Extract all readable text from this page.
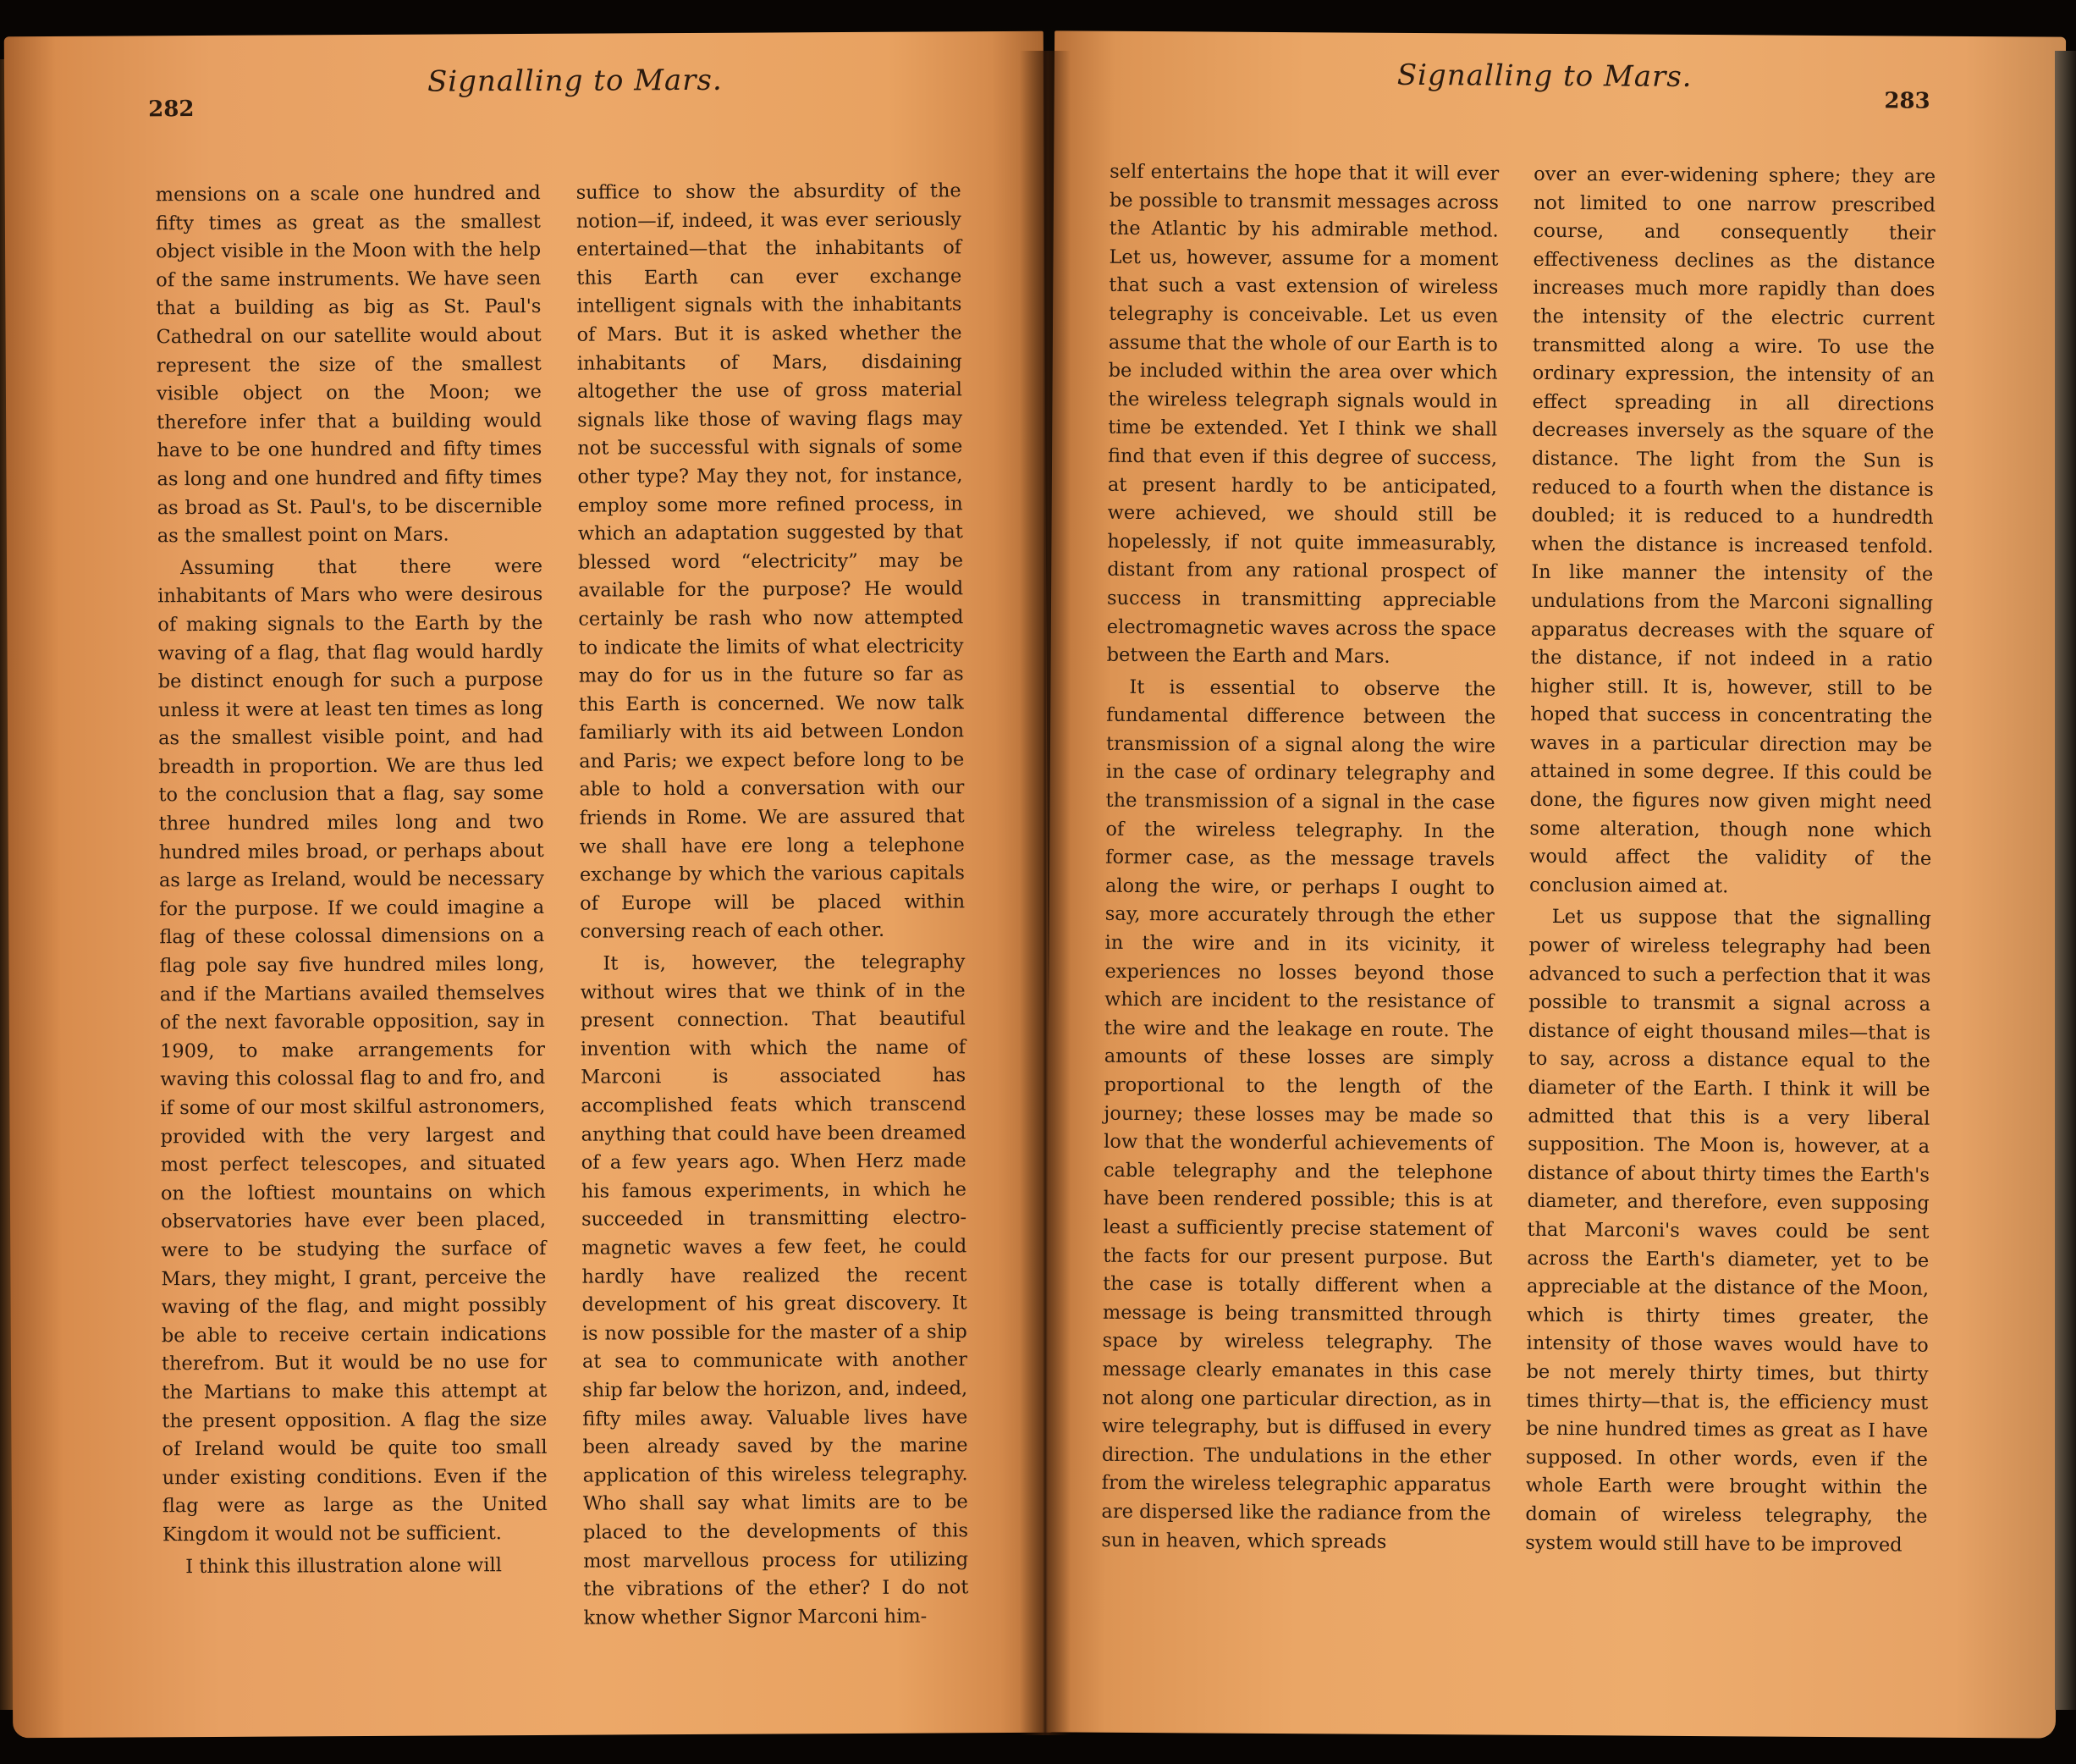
282
Signalling to Mars.

mensions on a scale one hundred and fifty times as great as the smallest object visible in the Moon with the help of the same instruments. We have seen that a building as big as St. Paul's Cathedral on our satellite would about represent the size of the smallest visible object on the Moon; we therefore infer that a building would have to be one hundred and fifty times as long and one hundred and fifty times as broad as St. Paul's, to be discernible as the smallest point on Mars.

Assuming that there were inhabitants of Mars who were desirous of making signals to the Earth by the waving of a flag, that flag would hardly be distinct enough for such a purpose unless it were at least ten times as long as the smallest visible point, and had breadth in proportion. We are thus led to the conclusion that a flag, say some three hundred miles long and two hundred miles broad, or perhaps about as large as Ireland, would be necessary for the purpose. If we could imagine a flag of these colossal dimensions on a flag pole say five hundred miles long, and if the Martians availed themselves of the next favorable opposition, say in 1909, to make arrangements for waving this colossal flag to and fro, and if some of our most skilful astronomers, provided with the very largest and most perfect telescopes, and situated on the loftiest mountains on which observatories have ever been placed, were to be studying the surface of Mars, they might, I grant, perceive the waving of the flag, and might possibly be able to receive certain indications therefrom. But it would be no use for the Martians to make this attempt at the present opposition. A flag the size of Ireland would be quite too small under existing conditions. Even if the flag were as large as the United Kingdom it would not be sufficient.

I think this illustration alone will

suffice to show the absurdity of the notion—if, indeed, it was ever seriously entertained—that the inhabitants of this Earth can ever exchange intelligent signals with the inhabitants of Mars. But it is asked whether the inhabitants of Mars, disdaining altogether the use of gross material signals like those of waving flags may not be successful with signals of some other type? May they not, for instance, employ some more refined process, in which an adaptation suggested by that blessed word “electricity” may be available for the purpose? He would certainly be rash who now attempted to indicate the limits of what electricity may do for us in the future so far as this Earth is concerned. We now talk familiarly with its aid between London and Paris; we expect before long to be able to hold a conversation with our friends in Rome. We are assured that we shall have ere long a telephone exchange by which the various capitals of Europe will be placed within conversing reach of each other.

It is, however, the telegraphy without wires that we think of in the present connection. That beautiful invention with which the name of Marconi is associated has accomplished feats which transcend anything that could have been dreamed of a few years ago. When Herz made his famous experiments, in which he succeeded in transmitting electro-magnetic waves a few feet, he could hardly have realized the recent development of his great discovery. It is now possible for the master of a ship at sea to communicate with another ship far below the horizon, and, indeed, fifty miles away. Valuable lives have been already saved by the marine application of this wireless telegraphy. Who shall say what limits are to be placed to the developments of this most marvellous process for utilizing the vibrations of the ether? I do not know whether Signor Marconi him-

Signalling to Mars.
283

self entertains the hope that it will ever be possible to transmit messages across the Atlantic by his admirable method. Let us, however, assume for a moment that such a vast extension of wireless telegraphy is conceivable. Let us even assume that the whole of our Earth is to be included within the area over which the wireless telegraph signals would in time be extended. Yet I think we shall find that even if this degree of success, at present hardly to be anticipated, were achieved, we should still be hopelessly, if not quite immeasurably, distant from any rational prospect of success in transmitting appreciable electromagnetic waves across the space between the Earth and Mars.

It is essential to observe the fundamental difference between the transmission of a signal along the wire in the case of ordinary telegraphy and the transmission of a signal in the case of the wireless telegraphy. In the former case, as the message travels along the wire, or perhaps I ought to say, more accurately through the ether in the wire and in its vicinity, it experiences no losses beyond those which are incident to the resistance of the wire and the leakage en route. The amounts of these losses are simply proportional to the length of the journey; these losses may be made so low that the wonderful achievements of cable telegraphy and the telephone have been rendered possible; this is at least a sufficiently precise statement of the facts for our present purpose. But the case is totally different when a message is being transmitted through space by wireless telegraphy. The message clearly emanates in this case not along one particular direction, as in wire telegraphy, but is diffused in every direction. The undulations in the ether from the wireless telegraphic apparatus are dispersed like the radiance from the sun in heaven, which spreads

over an ever-widening sphere; they are not limited to one narrow prescribed course, and consequently their effectiveness declines as the distance increases much more rapidly than does the intensity of the electric current transmitted along a wire. To use the ordinary expression, the intensity of an effect spreading in all directions decreases inversely as the square of the distance. The light from the Sun is reduced to a fourth when the distance is doubled; it is reduced to a hundredth when the distance is increased tenfold. In like manner the intensity of the undulations from the Marconi signalling apparatus decreases with the square of the distance, if not indeed in a ratio higher still. It is, however, still to be hoped that success in concentrating the waves in a particular direction may be attained in some degree. If this could be done, the figures now given might need some alteration, though none which would affect the validity of the conclusion aimed at.

Let us suppose that the signalling power of wireless telegraphy had been advanced to such a perfection that it was possible to transmit a signal across a distance of eight thousand miles—that is to say, across a distance equal to the diameter of the Earth. I think it will be admitted that this is a very liberal supposition. The Moon is, however, at a distance of about thirty times the Earth's diameter, and therefore, even supposing that Marconi's waves could be sent across the Earth's diameter, yet to be appreciable at the distance of the Moon, which is thirty times greater, the intensity of those waves would have to be not merely thirty times, but thirty times thirty—that is, the efficiency must be nine hundred times as great as I have supposed. In other words, even if the whole Earth were brought within the domain of wireless telegraphy, the system would still have to be improved
